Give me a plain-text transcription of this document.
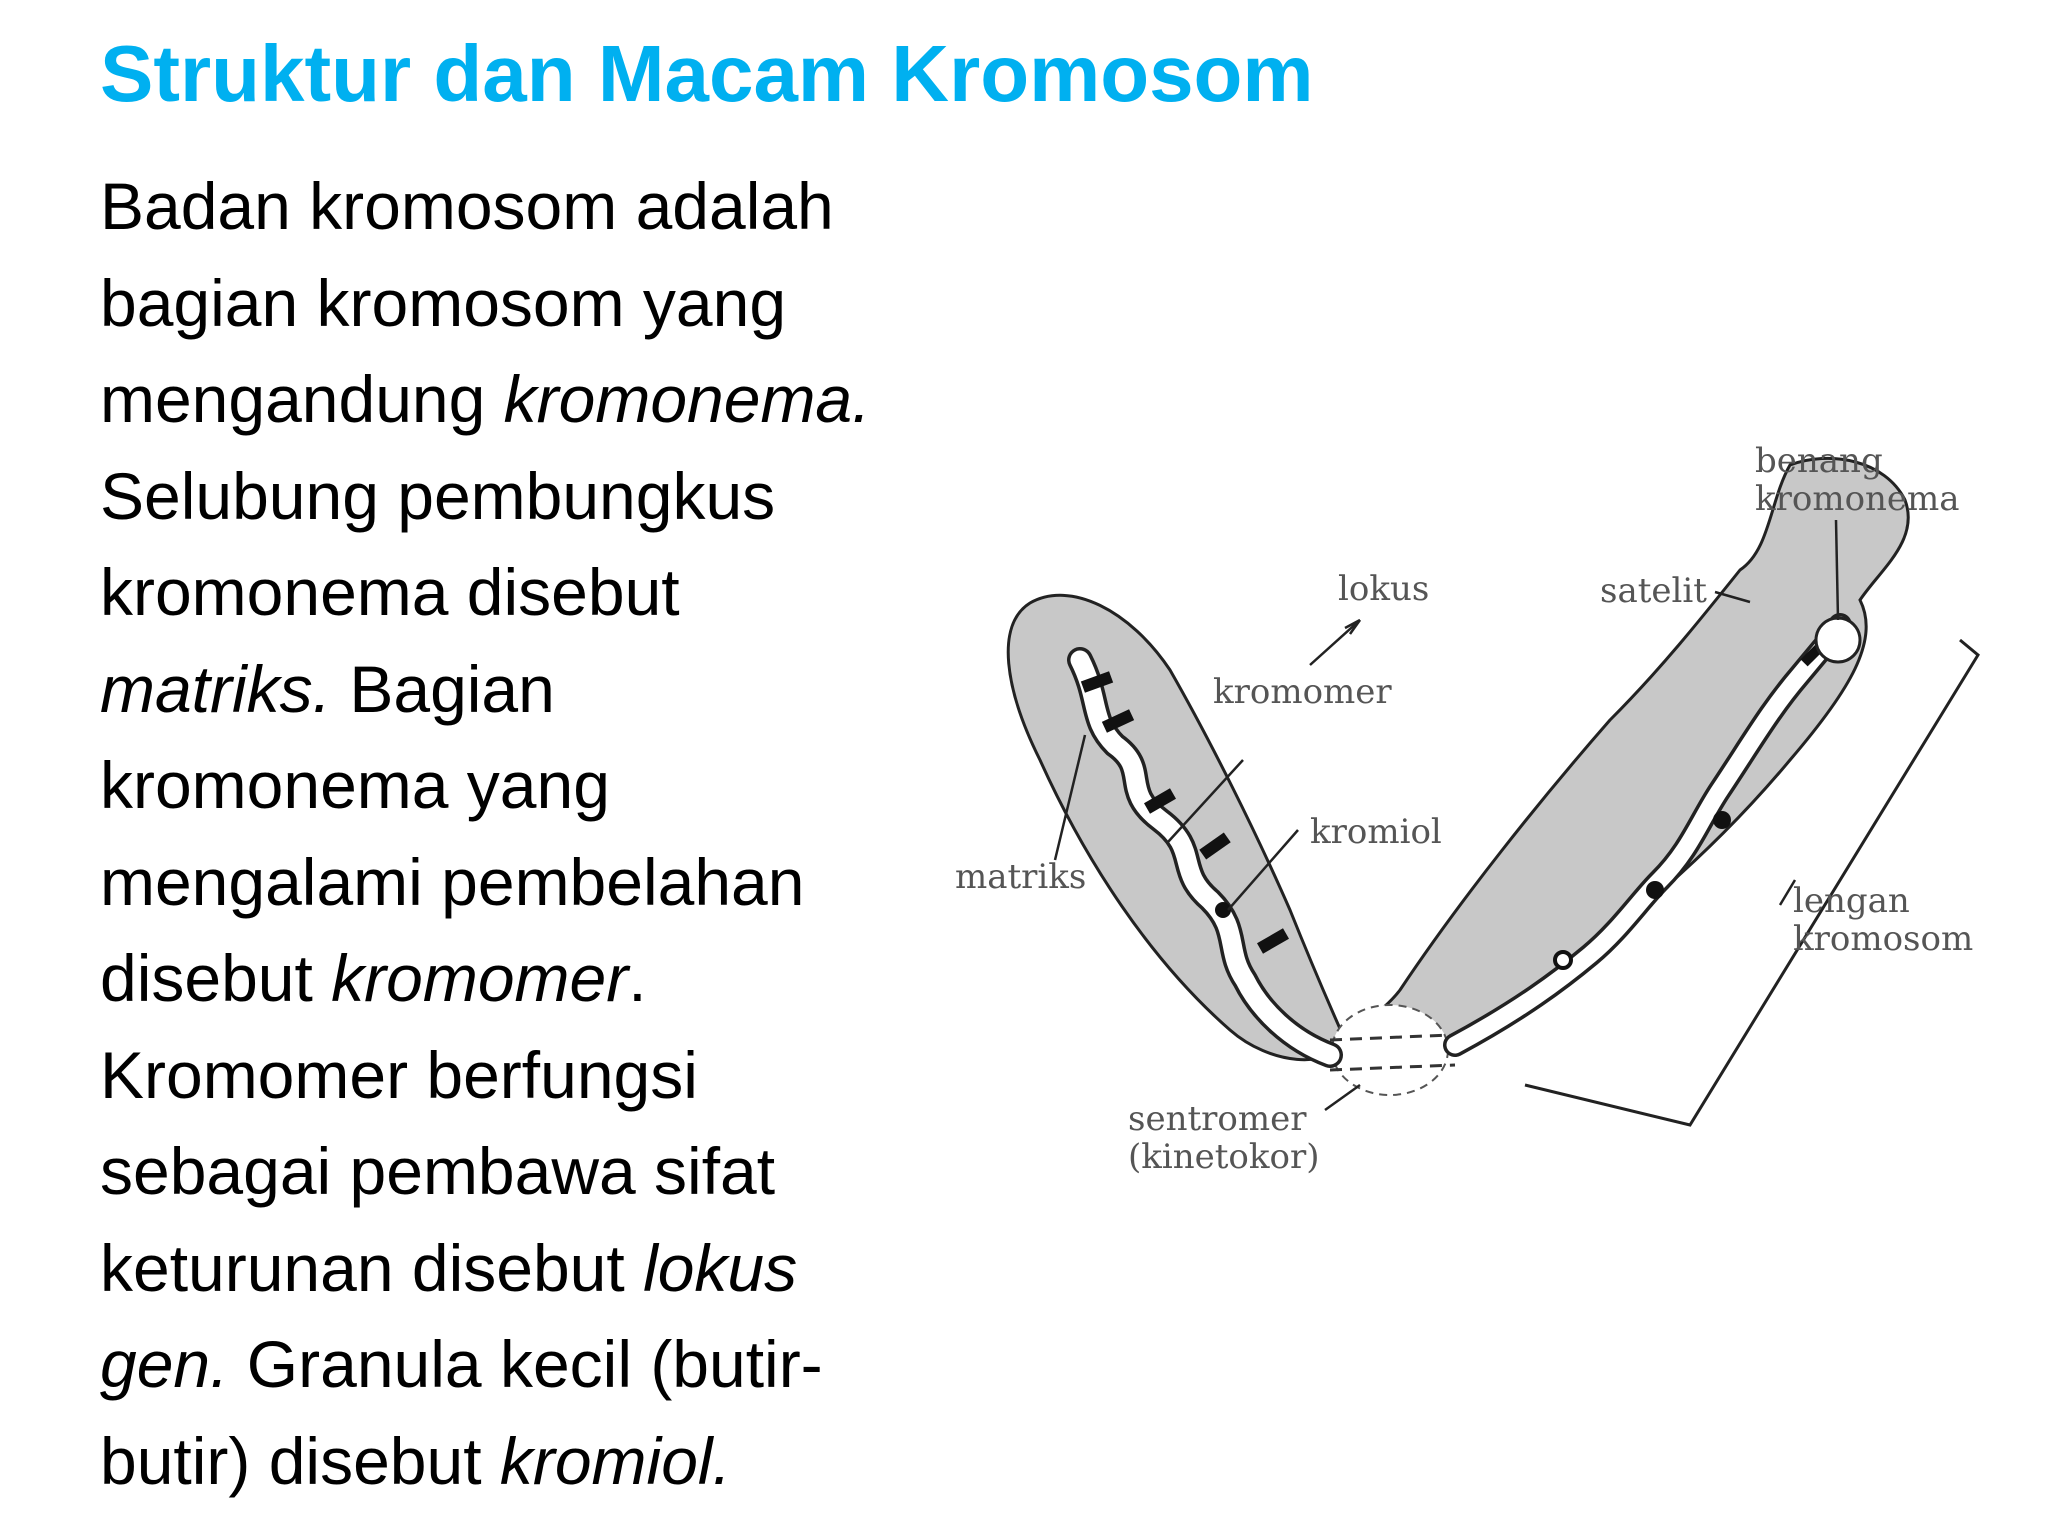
Struktur dan Macam Kromosom
Badan kromosom adalah
bagian kromosom yang
mengandung kromonema.
Selubung pembungkus
kromonema disebut
matriks. Bagian
kromonema yang
mengalami pembelahan
disebut kromomer.
Kromomer berfungsi
sebagai pembawa sifat
keturunan disebut lokus
gen. Granula kecil (butir-
butir) disebut kromiol.
lokus
kromomer
kromiol
matriks
sentromer
(kinetokor)
satelit
benang
kromonema
lengan
kromosom
